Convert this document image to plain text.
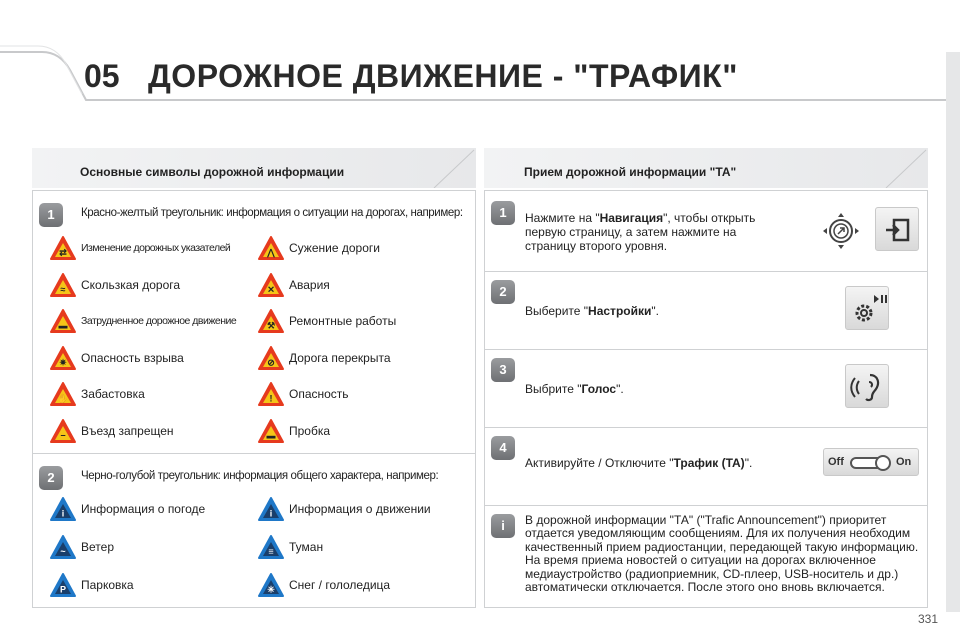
05 ДОРОЖНОЕ ДВИЖЕНИЕ - "ТРАФИК"
331
Основные символы дорожной информации
1	Красно-желтый треугольник: информация о ситуации на дорогах, например:
⇄ Изменение дорожных указателей	⋀ Сужение дороги
≈ Скользкая дорога	✕ Авария
▬ Затрудненное дорожное движение	⚒ Ремонтные работы
✷ Опасность взрыва	⊘ Дорога перекрыта
✋ Забастовка	! Опасность
− Въезд запрещен	▬ Пробка
2	Черно-голубой треугольник: информация общего характера, например:
i Информация о погоде	i Информация о движении
~ Ветер	≡ Туман
P Парковка	✳ Снег / гололедица
Прием дорожной информации "ТА"
1	Нажмите на "Навигация", чтобы открыть первую страницу, а затем нажмите на страницу второго уровня.
2
Выберите "Настройки".
3
Выбрите "Голос".
4
Активируйте / Отключите "Трафик (TA)".	Off	On
i	В дорожной информации "ТА" ("Trafic Announcement") приоритет отдается уведомляющим сообщениям. Для их получения необходим качественный прием радиостанции, передающей такую информацию. На время приема новостей о ситуации на дорогах включенное медиаустройство (радиоприемник, CD-плеер, USB-носитель и др.) автоматически отключается. После этого оно вновь включается.
